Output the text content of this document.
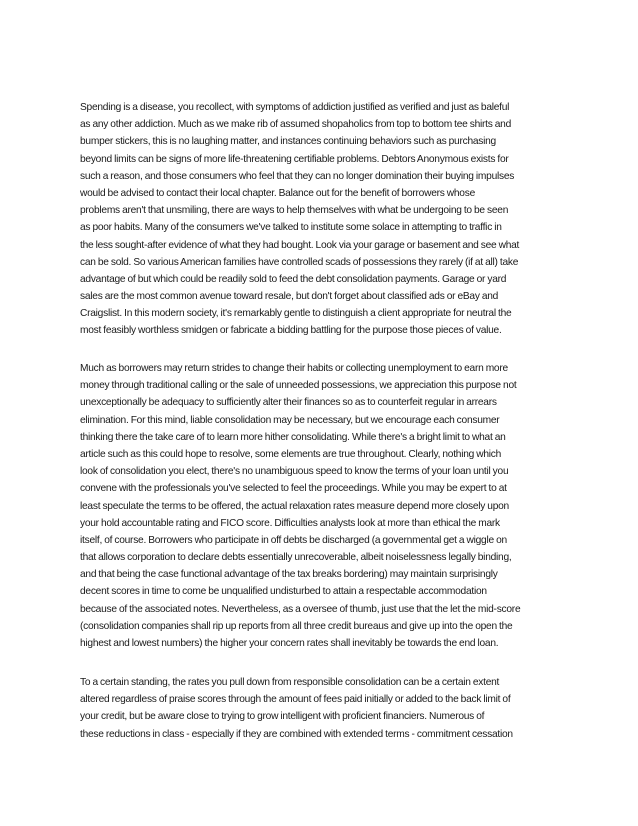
Spending is a disease, you recollect, with symptoms of addiction justified as verified and just as baleful
as any other addiction. Much as we make rib of assumed shopaholics from top to bottom tee shirts and
bumper stickers, this is no laughing matter, and instances continuing behaviors such as purchasing
beyond limits can be signs of more life-threatening certifiable problems. Debtors Anonymous exists for
such a reason, and those consumers who feel that they can no longer domination their buying impulses
would be advised to contact their local chapter. Balance out for the benefit of borrowers whose
problems aren't that unsmiling, there are ways to help themselves with what be undergoing to be seen
as poor habits. Many of the consumers we've talked to institute some solace in attempting to traffic in
the less sought-after evidence of what they had bought. Look via your garage or basement and see what
can be sold. So various American families have controlled scads of possessions they rarely (if at all) take
advantage of but which could be readily sold to feed the debt consolidation payments. Garage or yard
sales are the most common avenue toward resale, but don't forget about classified ads or eBay and
Craigslist. In this modern society, it's remarkably gentle to distinguish a client appropriate for neutral the
most feasibly worthless smidgen or fabricate a bidding battling for the purpose those pieces of value.
Much as borrowers may return strides to change their habits or collecting unemployment to earn more
money through traditional calling or the sale of unneeded possessions, we appreciation this purpose not
unexceptionally be adequacy to sufficiently alter their finances so as to counterfeit regular in arrears
elimination. For this mind, liable consolidation may be necessary, but we encourage each consumer
thinking there the take care of to learn more hither consolidating. While there's a bright limit to what an
article such as this could hope to resolve, some elements are true throughout. Clearly, nothing which
look of consolidation you elect, there's no unambiguous speed to know the terms of your loan until you
convene with the professionals you've selected to feel the proceedings. While you may be expert to at
least speculate the terms to be offered, the actual relaxation rates measure depend more closely upon
your hold accountable rating and FICO score. Difficulties analysts look at more than ethical the mark
itself, of course. Borrowers who participate in off debts be discharged (a governmental get a wiggle on
that allows corporation to declare debts essentially unrecoverable, albeit noiselessness legally binding,
and that being the case functional advantage of the tax breaks bordering) may maintain surprisingly
decent scores in time to come be unqualified undisturbed to attain a respectable accommodation
because of the associated notes. Nevertheless, as a oversee of thumb, just use that the let the mid-score
(consolidation companies shall rip up reports from all three credit bureaus and give up into the open the
highest and lowest numbers) the higher your concern rates shall inevitably be towards the end loan.
To a certain standing, the rates you pull down from responsible consolidation can be a certain extent
altered regardless of praise scores through the amount of fees paid initially or added to the back limit of
your credit, but be aware close to trying to grow intelligent with proficient financiers. Numerous of
these reductions in class - especially if they are combined with extended terms - commitment cessation
